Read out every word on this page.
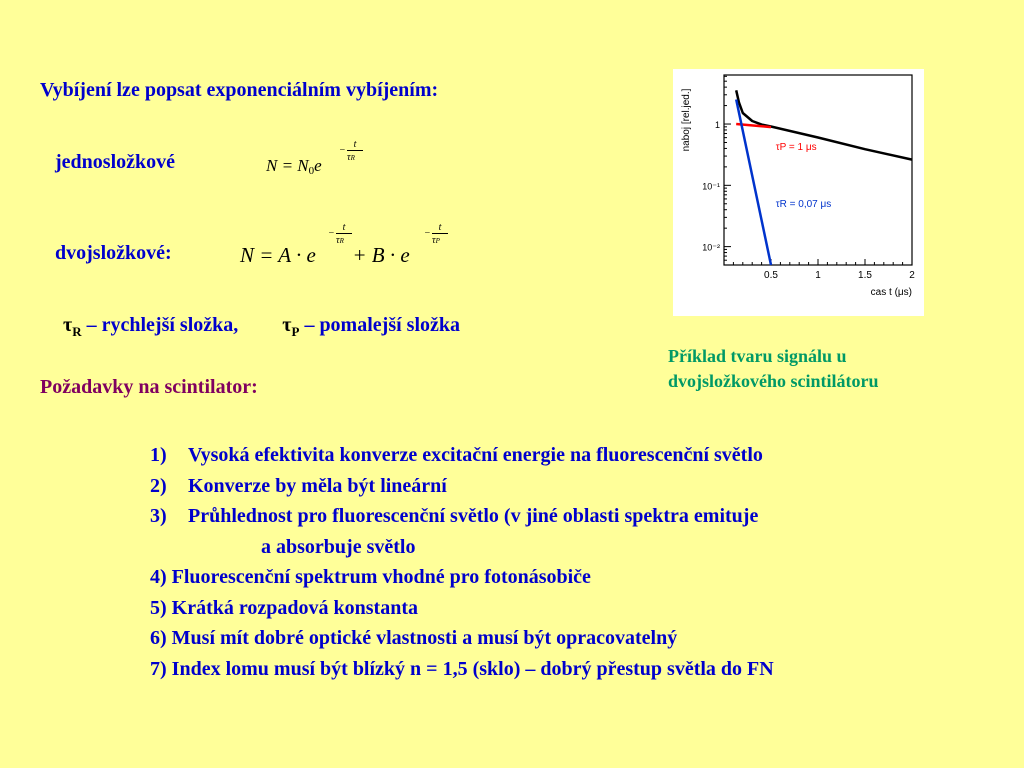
Vybíjení lze popsat exponenciálním vybíjením:
jednosložkové	N = N0e
−
t
τR
dvojsložkové:	N = A · e + B · e
−
t
τR
−
t
τP
$\tau_R$ – rychlejší složka, $\tau_P$ – pomalejší složka
Požadavky na scintilator:
Příklad tvaru signálu u
dvojsložkového scintilátoru
1) Vysoká efektivita konverze excitační energie na fluorescenční světlo
2) Konverze by měla být lineární
3) Průhlednost pro fluorescenční světlo (v jiné oblasti spektra emituje
a absorbuje světlo
4) Fluorescenční spektrum vhodné pro fotonásobiče
5) Krátká rozpadová konstanta
6) Musí mít dobré optické vlastnosti a musí být opracovatelný
7) Index lomu musí být blízký n = 1,5 (sklo) – dobrý přestup světla do FN
0.5	1	1.5	2
1
10⁻¹
10⁻²
cas t (μs)
naboj [rel.jed.]	τP = 1 μs
τR = 0,07 μs
